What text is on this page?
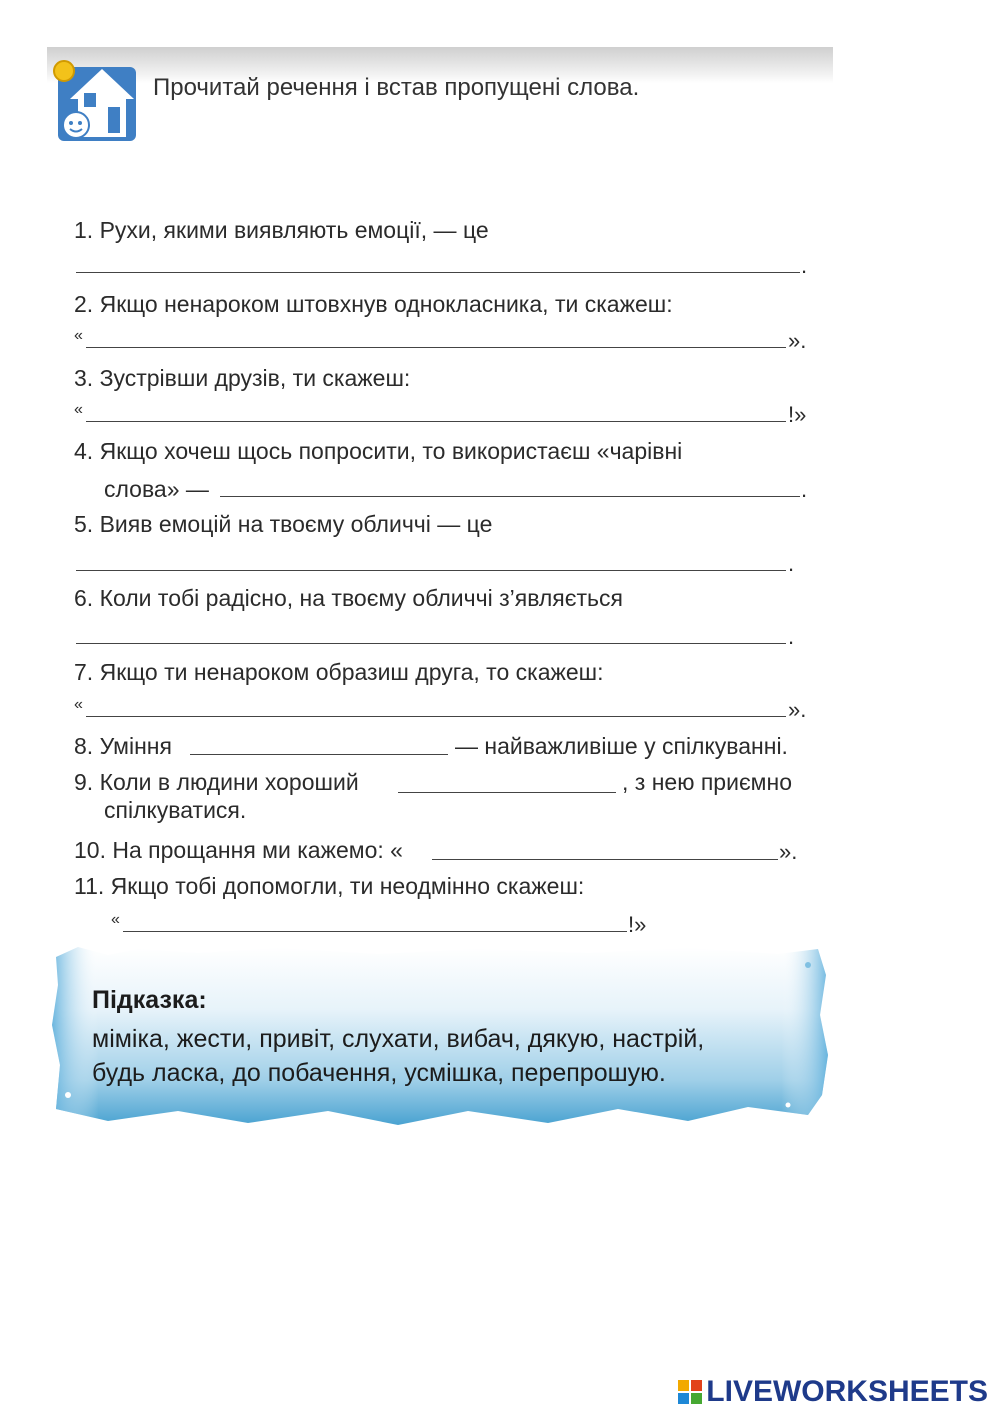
Прочитай речення і встав пропущені слова.
1. Рухи, якими виявляють емоції, — це
.
2. Якщо ненароком штовхнув однокласника, ти скажеш:
«	».
3. Зустрівши друзів, ти скажеш:
«	!»
4. Якщо хочеш щось попросити, то використаєш «чарівні
слова» —	.
5. Вияв емоцій на твоєму обличчі — це
.
6. Коли тобі радісно, на твоєму обличчі з’являється
.
7. Якщо ти ненароком образиш друга, то скажеш:
«	».
8. Уміння	— найважливіше у спілкуванні.
9. Коли в людини хороший	, з нею приємно
спілкуватися.
10. На прощання ми кажемо: «	».
11. Якщо тобі допомогли, ти неодмінно скажеш:
«	!»
Підказка:
міміка, жести, привіт, слухати, вибач, дякую, настрій,
будь ласка, до побачення, усмішка, перепрошую.
LIVEWORKSHEETS
